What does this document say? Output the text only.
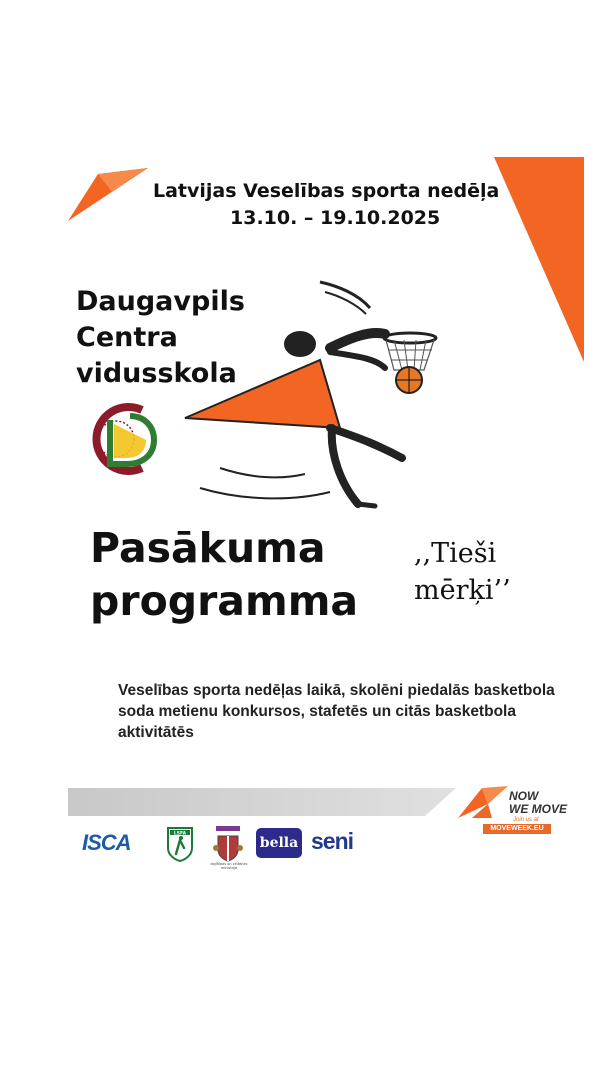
Latvijas Veselības sporta nedēļa
13.10. – 19.10.2025
Daugavpils
Centra
vidusskola
Pasākuma
programma
,,Tieši
mērķi’’
Veselības sporta nedēļas laikā, skolēni piedalās basketbola soda metienu konkursos, stafetēs un citās basketbola aktivitātēs
NOW
WE MOVE
Join us at
MOVEWEEK.EU
ISCA	LSFA
Izglītības un zinātnes ministrija
bella seni
